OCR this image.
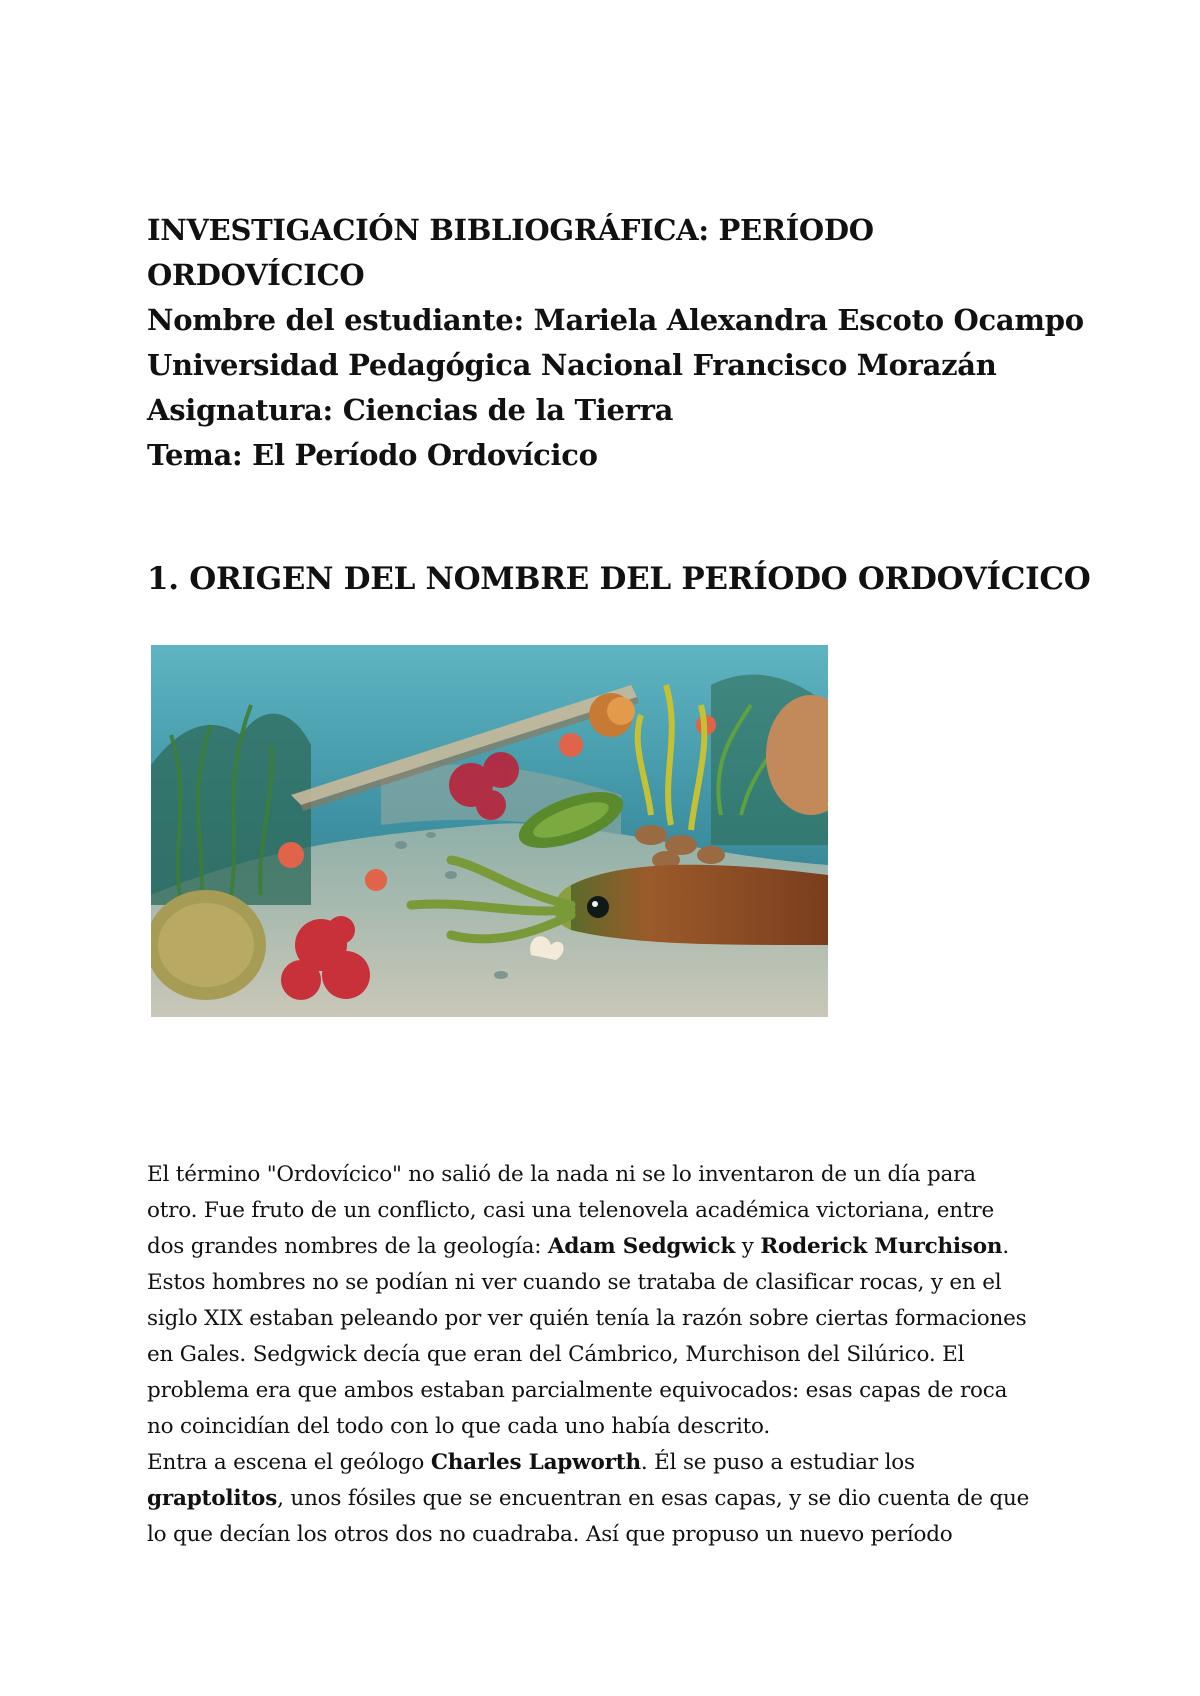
INVESTIGACIÓN BIBLIOGRÁFICA: PERÍODO
ORDOVÍCICO
Nombre del estudiante: Mariela Alexandra Escoto Ocampo
Universidad Pedagógica Nacional Francisco Morazán
Asignatura: Ciencias de la Tierra
Tema: El Período Ordovícico
1. ORIGEN DEL NOMBRE DEL PERÍODO ORDOVÍCICO

El término "Ordovícico" no salió de la nada ni se lo inventaron de un día para
otro. Fue fruto de un conflicto, casi una telenovela académica victoriana, entre
dos grandes nombres de la geología: Adam Sedgwick y Roderick Murchison.
Estos hombres no se podían ni ver cuando se trataba de clasificar rocas, y en el
siglo XIX estaban peleando por ver quién tenía la razón sobre ciertas formaciones
en Gales. Sedgwick decía que eran del Cámbrico, Murchison del Silúrico. El
problema era que ambos estaban parcialmente equivocados: esas capas de roca
no coincidían del todo con lo que cada uno había descrito.

Entra a escena el geólogo Charles Lapworth. Él se puso a estudiar los
graptolitos, unos fósiles que se encuentran en esas capas, y se dio cuenta de que
lo que decían los otros dos no cuadraba. Así que propuso un nuevo período
